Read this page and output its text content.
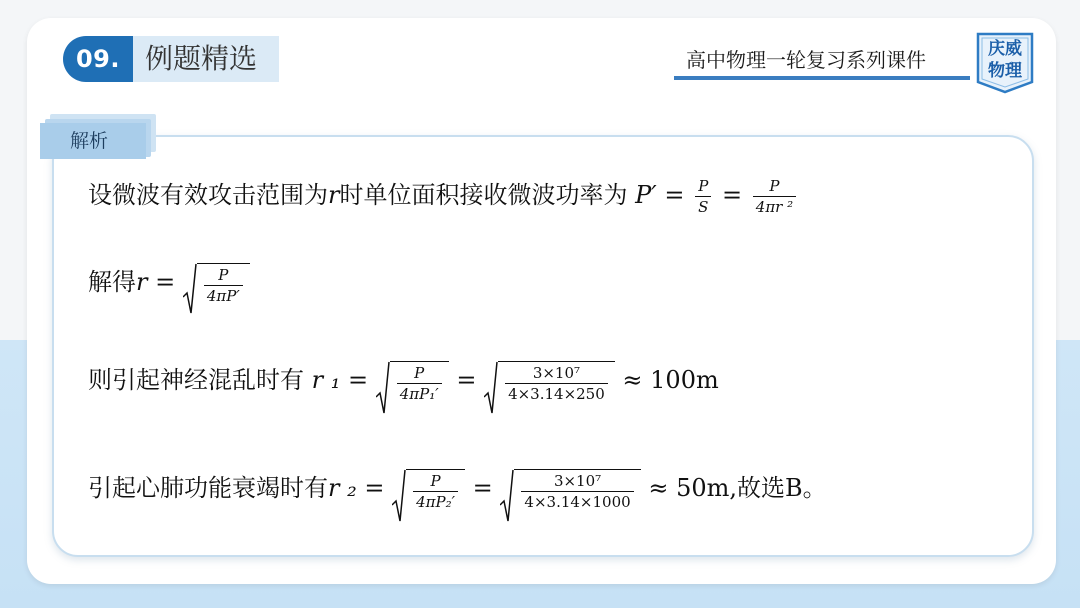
09. 例题精选	高中物理一轮复习系列课件	庆威
物理
解析
设微波有效攻击范围为r时单位面积接收微波功率为 $P' = \frac{P}{S} = \frac{P}{\text{4πr ²}}$
解得$r = \frac{P}{4\pi P'}$
则引起神经混乱时有 r $_1 = \frac{P}{\text{4πP₁′}} = \frac{\text{3×10⁷}}{4\times 3.14\times 250} \approx 100m$
引起心肺功能衰竭时有r $_2 = \frac{P}{\text{4πP₂′}} = \frac{\text{3×10⁷}}{4\times 3.14\times 1000} \approx 50m$,故选B。
